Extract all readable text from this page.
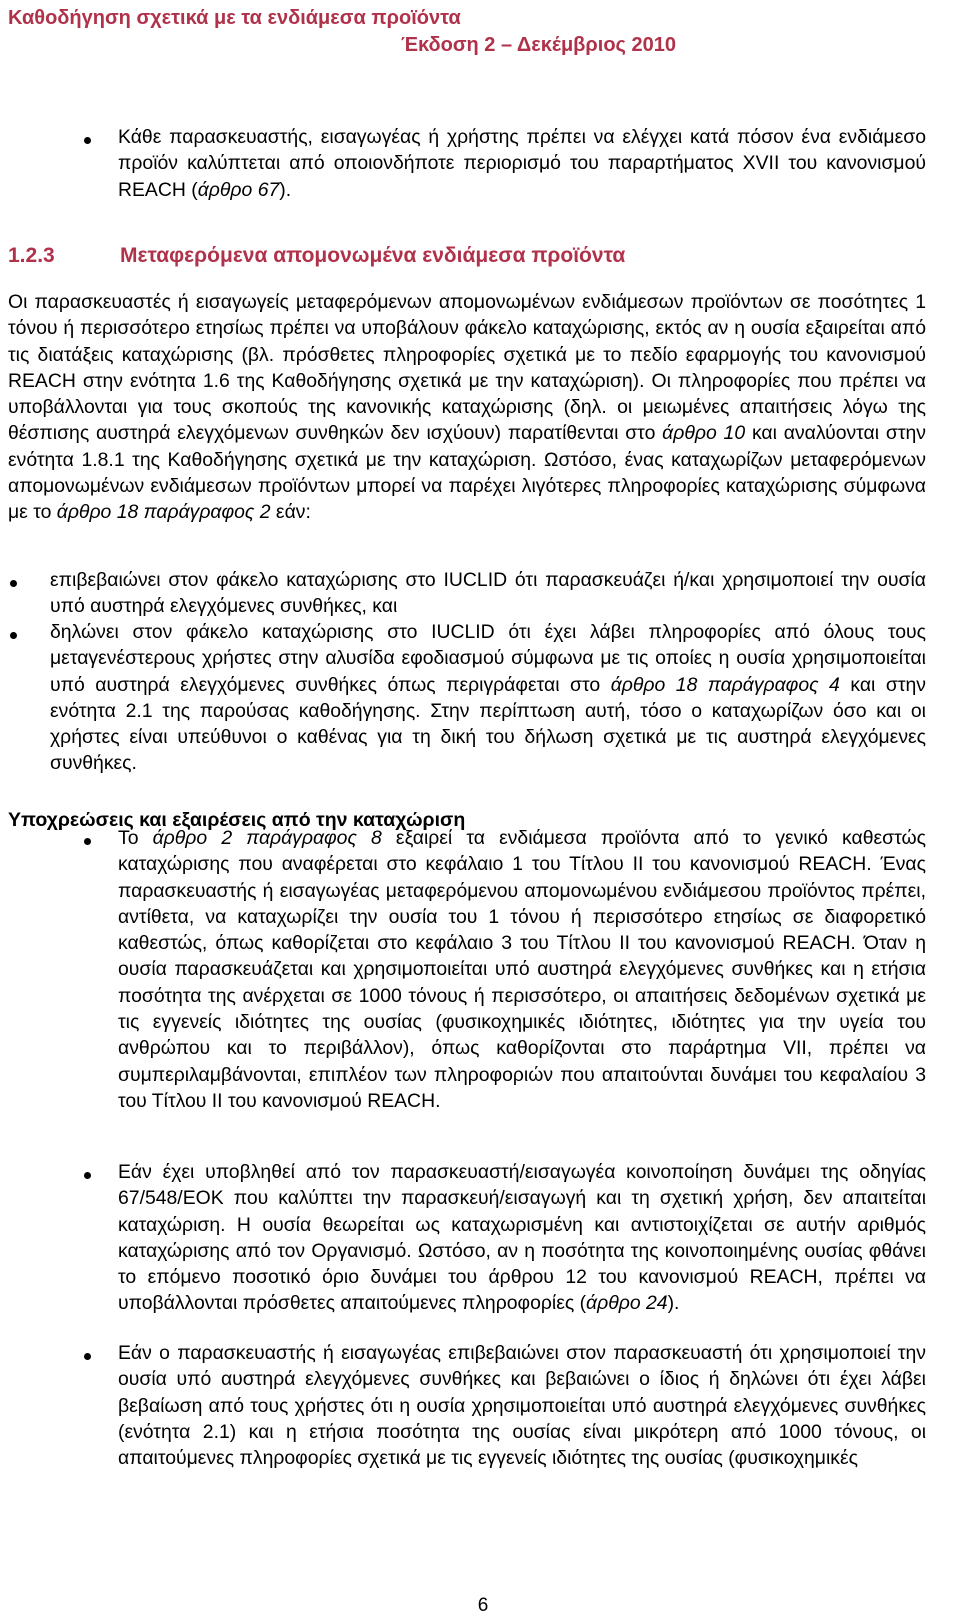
Καθοδήγηση σχετικά με τα ενδιάμεσα προϊόντα
Έκδοση 2 – Δεκέμβριος 2010

Κάθε παρασκευαστής, εισαγωγέας ή χρήστης πρέπει να ελέγχει κατά πόσον ένα ενδιάμεσο προϊόν καλύπτεται από οποιονδήποτε περιορισμό του παραρτήματος XVII του κανονισμού REACH (άρθρο 67).

1.2.3	Μεταφερόμενα απομονωμένα ενδιάμεσα προϊόντα

Οι παρασκευαστές ή εισαγωγείς μεταφερόμενων απομονωμένων ενδιάμεσων προϊόντων σε ποσότητες 1 τόνου ή περισσότερο ετησίως πρέπει να υποβάλουν φάκελο καταχώρισης, εκτός αν η ουσία εξαιρείται από τις διατάξεις καταχώρισης (βλ. πρόσθετες πληροφορίες σχετικά με το πεδίο εφαρμογής του κανονισμού REACH στην ενότητα 1.6 της Καθοδήγησης σχετικά με την καταχώριση). Οι πληροφορίες που πρέπει να υποβάλλονται για τους σκοπούς της κανονικής καταχώρισης (δηλ. οι μειωμένες απαιτήσεις λόγω της θέσπισης αυστηρά ελεγχόμενων συνθηκών δεν ισχύουν) παρατίθενται στο άρθρο 10 και αναλύονται στην ενότητα 1.8.1 της Καθοδήγησης σχετικά με την καταχώριση. Ωστόσο, ένας καταχωρίζων μεταφερόμενων απομονωμένων ενδιάμεσων προϊόντων μπορεί να παρέχει λιγότερες πληροφορίες καταχώρισης σύμφωνα με το άρθρο 18 παράγραφος 2 εάν:

επιβεβαιώνει στον φάκελο καταχώρισης στο IUCLID ότι παρασκευάζει ή/και χρησιμοποιεί την ουσία υπό αυστηρά ελεγχόμενες συνθήκες, και

δηλώνει στον φάκελο καταχώρισης στο IUCLID ότι έχει λάβει πληροφορίες από όλους τους μεταγενέστερους χρήστες στην αλυσίδα εφοδιασμού σύμφωνα με τις οποίες η ουσία χρησιμοποιείται υπό αυστηρά ελεγχόμενες συνθήκες όπως περιγράφεται στο άρθρο 18 παράγραφος 4 και στην ενότητα 2.1 της παρούσας καθοδήγησης. Στην περίπτωση αυτή, τόσο ο καταχωρίζων όσο και οι χρήστες είναι υπεύθυνοι ο καθένας για τη δική του δήλωση σχετικά με τις αυστηρά ελεγχόμενες συνθήκες.

Υποχρεώσεις και εξαιρέσεις από την καταχώριση

Το άρθρο 2 παράγραφος 8 εξαιρεί τα ενδιάμεσα προϊόντα από το γενικό καθεστώς καταχώρισης που αναφέρεται στο κεφάλαιο 1 του Τίτλου ΙΙ του κανονισμού REACH. Ένας παρασκευαστής ή εισαγωγέας μεταφερόμενου απομονωμένου ενδιάμεσου προϊόντος πρέπει, αντίθετα, να καταχωρίζει την ουσία του 1 τόνου ή περισσότερο ετησίως σε διαφορετικό καθεστώς, όπως καθορίζεται στο κεφάλαιο 3 του Τίτλου ΙΙ του κανονισμού REACH. Όταν η ουσία παρασκευάζεται και χρησιμοποιείται υπό αυστηρά ελεγχόμενες συνθήκες και η ετήσια ποσότητα της ανέρχεται σε 1000 τόνους ή περισσότερο, οι απαιτήσεις δεδομένων σχετικά με τις εγγενείς ιδιότητες της ουσίας (φυσικοχημικές ιδιότητες, ιδιότητες για την υγεία του ανθρώπου και το περιβάλλον), όπως καθορίζονται στο παράρτημα VII, πρέπει να συμπεριλαμβάνονται, επιπλέον των πληροφοριών που απαιτούνται δυνάμει του κεφαλαίου 3 του Τίτλου ΙΙ του κανονισμού REACH.

Εάν έχει υποβληθεί από τον παρασκευαστή/εισαγωγέα κοινοποίηση δυνάμει της οδηγίας 67/548/ΕΟΚ που καλύπτει την παρασκευή/εισαγωγή και τη σχετική χρήση, δεν απαιτείται καταχώριση. Η ουσία θεωρείται ως καταχωρισμένη και αντιστοιχίζεται σε αυτήν αριθμός καταχώρισης από τον Οργανισμό. Ωστόσο, αν η ποσότητα της κοινοποιημένης ουσίας φθάνει το επόμενο ποσοτικό όριο δυνάμει του άρθρου 12 του κανονισμού REACH, πρέπει να υποβάλλονται πρόσθετες απαιτούμενες πληροφορίες (άρθρο 24).

Εάν ο παρασκευαστής ή εισαγωγέας επιβεβαιώνει στον παρασκευαστή ότι χρησιμοποιεί την ουσία υπό αυστηρά ελεγχόμενες συνθήκες και βεβαιώνει ο ίδιος ή δηλώνει ότι έχει λάβει βεβαίωση από τους χρήστες ότι η ουσία χρησιμοποιείται υπό αυστηρά ελεγχόμενες συνθήκες (ενότητα 2.1) και η ετήσια ποσότητα της ουσίας είναι μικρότερη από 1000 τόνους, οι απαιτούμενες πληροφορίες σχετικά με τις εγγενείς ιδιότητες της ουσίας (φυσικοχημικές

6
